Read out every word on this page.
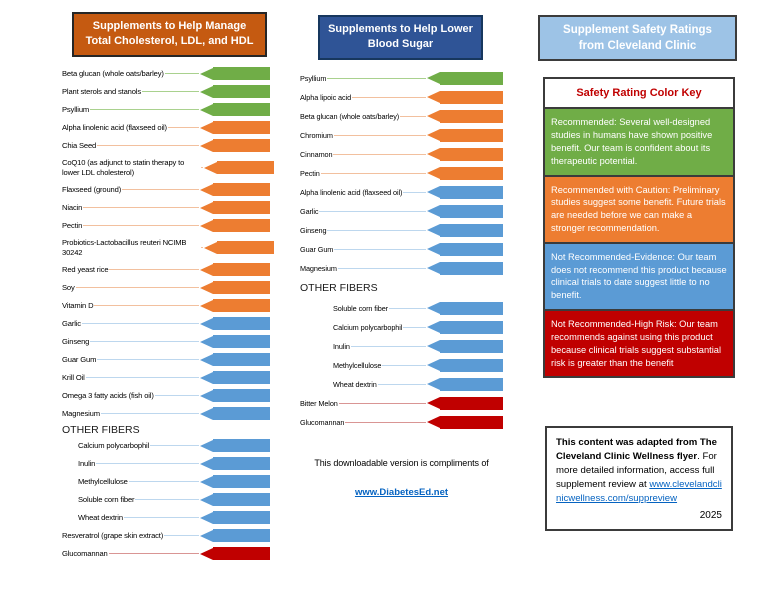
Supplements to Help Manage
Total Cholesterol, LDL, and HDL
Beta glucan (whole oats/barley)
Plant sterols and stanols
Psyllium
Alpha linolenic acid (flaxseed oil)
Chia Seed
CoQ10 (as adjunct to statin therapy to lower LDL cholesterol)
Flaxseed (ground)
Niacin
Pectin
Probiotics-Lactobacillus reuteri NCIMB 30242
Red yeast rice
Soy
Vitamin D
Garlic
Ginseng
Guar Gum
Krill Oil
Omega 3 fatty acids (fish oil)
Magnesium
OTHER FIBERS
Calcium polycarbophil
Inulin
Methylcellulose
Soluble corn fiber
Wheat dextrin
Resveratrol (grape skin extract)
Glucomannan
Supplements to Help Lower
Blood Sugar
Psyllium
Alpha lipoic acid
Beta glucan (whole oats/barley)
Chromium
Cinnamon
Pectin
Alpha linolenic acid (flaxseed oil)
Garlic
Ginseng
Guar Gum
Magnesium
OTHER FIBERS
Soluble corn fiber
Calcium polycarbophil
Inulin
Methylcellulose
Wheat dextrin
Bitter Melon
Glucomannan
This downloadable version is compliments of
www.DiabetesEd.net
Supplement Safety Ratings
from Cleveland Clinic
Safety Rating Color Key
Recommended: Several well-designed studies in humans have shown positive benefit. Our team is confident about its therapeutic potential.
Recommended with Caution: Preliminary studies suggest some benefit. Future trials are needed before we can make a stronger recommendation.
Not Recommended-Evidence: Our team does not recommend this product because clinical trials to date suggest little to no benefit.
Not Recommended-High Risk: Our team recommends against using this product because clinical trials suggest substantial risk is greater than the benefit
This content was adapted from The Cleveland Clinic Wellness flyer. For more detailed information, access full supplement review at www.clevelandclinicwellness.com/suppreview
2025
